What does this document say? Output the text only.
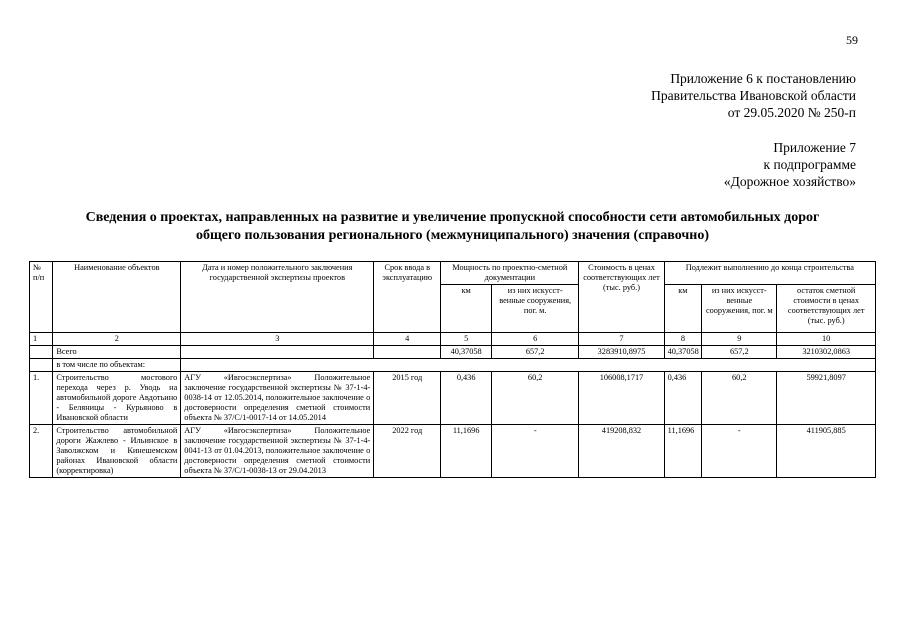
59
Приложение 6 к постановлению
Правительства Ивановской области
от 29.05.2020 № 250-п
Приложение 7
к подпрограмме
«Дорожное хозяйство»
Сведения о проектах, направленных на развитие и увеличение пропускной способности сети автомобильных дорог
общего пользования регионального (межмуниципального) значения (справочно)
№ п/п	Наименование объектов	Дата и номер положительного заключения государственной экспертизы проектов	Срок ввода в эксплуатацию	Мощность по проектно-сметной документации		Стоимость в ценах соответствующих лет (тыс. руб.)	Подлежит выполнению до конца строительства		
				км	из них искусст-венные сооружения, пог. м.		км	из них искусст-венные сооружения, пог. м	остаток сметной стоимости в ценах соответствующих лет (тыс. руб.)
1	2	3	4	5	6	7	8	9	10
	Всего			40,37058	657,2	3283910,8975	40,37058	657,2	3210302,0863
	в том числе по объектам:								
1.	Строительство мостового перехода через р. Уводь на автомобильной дороге Авдотьино - Беляницы - Курьяново в Ивановской области	АГУ «Ивгосэкспертиза» Положительное заключение государственной экспертизы № 37-1-4-0038-14 от 12.05.2014, положительное заключение о достоверности определения сметной стоимости объекта № 37/С/1-0017-14 от 14.05.2014	2015 год	0,436	60,2	106008,1717	0,436	60,2	59921,8097
2.	Строительство автомобильной дороги Жажлево - Ильинское в Заволжском и Кинешемском районах Ивановской области (корректировка)	АГУ «Ивгосэкспертиза» Положительное заключение государственной экспертизы № 37-1-4-0041-13 от 01.04.2013, положительное заключение о достоверности определения сметной стоимости объекта № 37/С/1-0038-13 от 29.04.2013	2022 год	11,1696	-	419208,832	11,1696	-	411905,885
